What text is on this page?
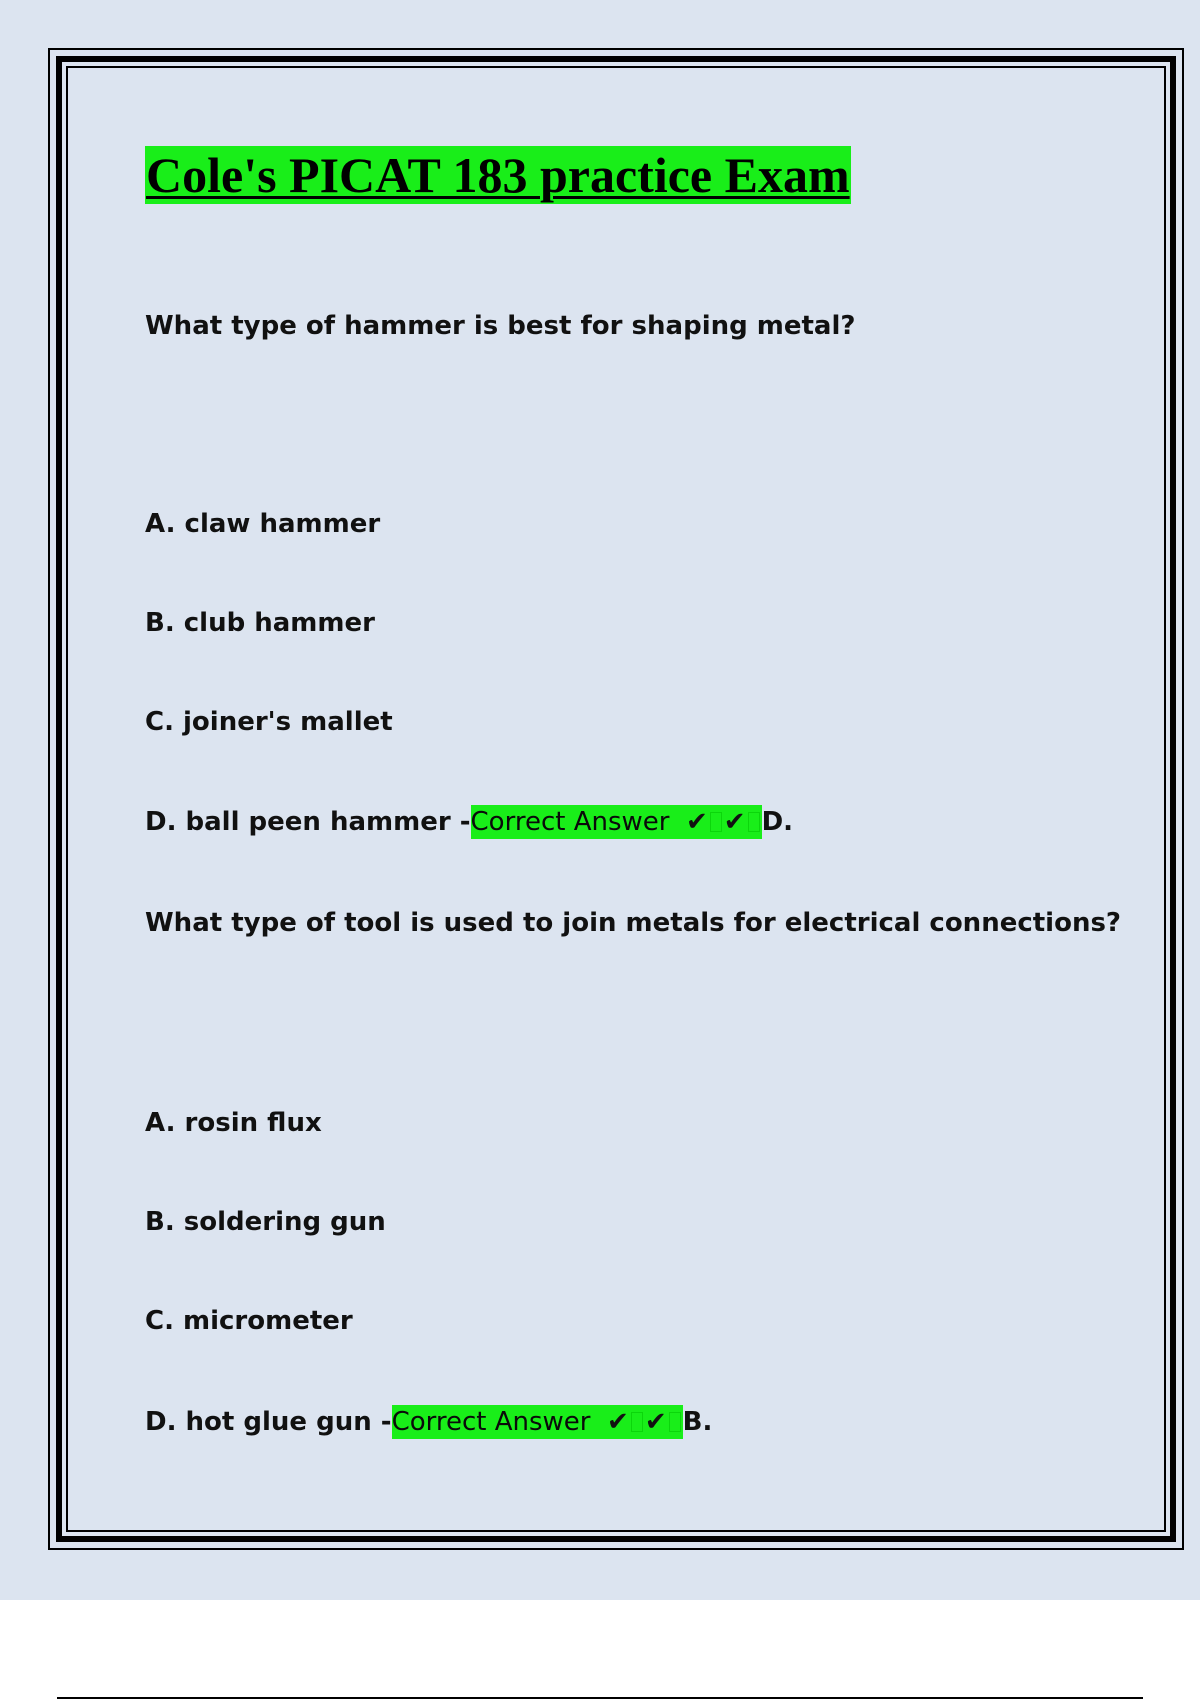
Cole's PICAT 183 practice Exam

What type of hammer is best for shaping metal?

A. claw hammer

B. club hammer

C. joiner's mallet

D. ball peen hammer -Correct Answer ✔ ✔ D.

What type of tool is used to join metals for electrical connections?

A. rosin flux

B. soldering gun

C. micrometer

D. hot glue gun -Correct Answer ✔ ✔ B.
